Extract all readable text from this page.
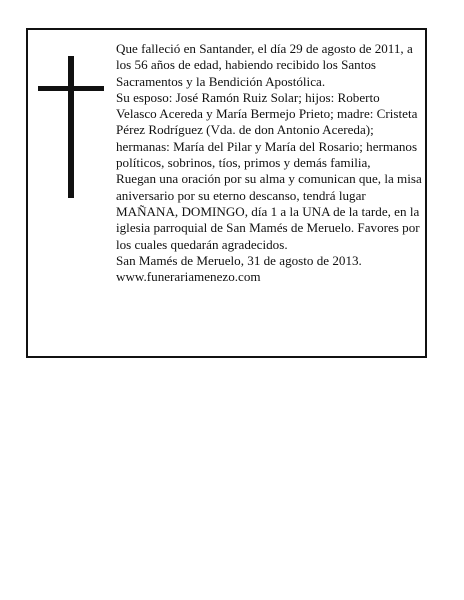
Que falleció en Santander, el día 29 de agosto de 2011, a los 56 años de edad, habiendo recibido los Santos Sacramentos y la Bendición Apostólica.

Su esposo: José Ramón Ruiz Solar; hijos: Roberto Velasco Acereda y María Bermejo Prieto; madre: Cristeta Pérez Rodríguez (Vda. de don Antonio Acereda); hermanas: María del Pilar y María del Rosario; hermanos políticos, sobrinos, tíos, primos y demás familia,

Ruegan una oración por su alma y comunican que, la misa aniversario por su eterno descanso, tendrá lugar MAÑANA, DOMINGO, día 1 a la UNA de la tarde, en la iglesia parroquial de San Mamés de Meruelo. Favores por los cuales quedarán agradecidos.

San Mamés de Meruelo, 31 de agosto de 2013.

www.funerariamenezo.com
